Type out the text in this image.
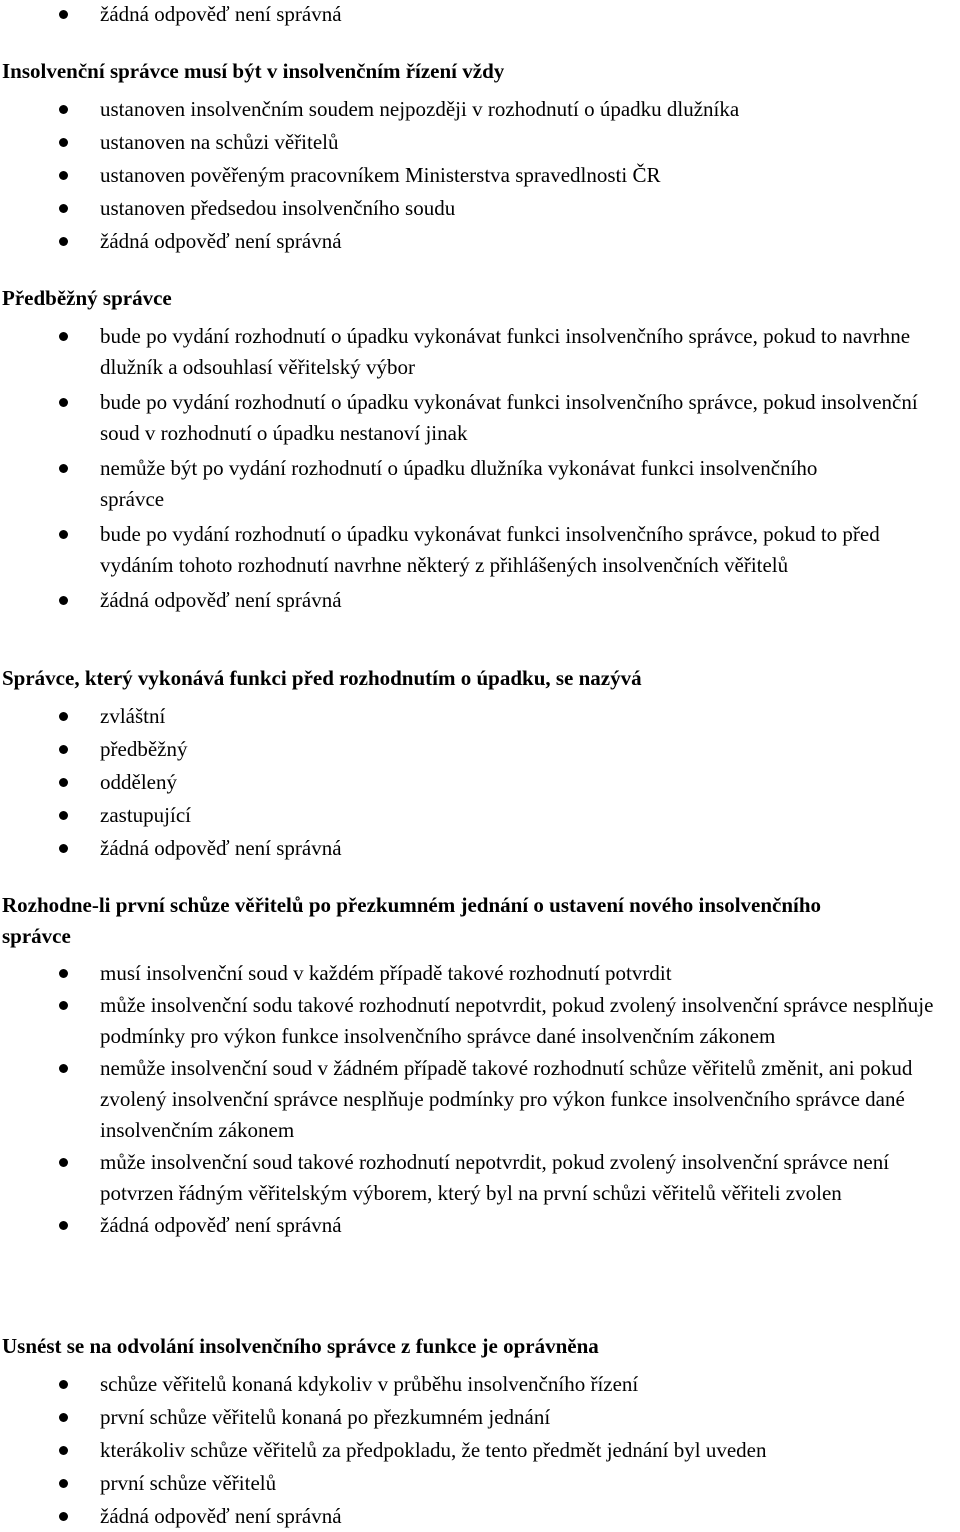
žádná odpověď není správná
Insolvenční správce musí být v insolvenčním řízení vždy
ustanoven insolvenčním soudem nejpozději v rozhodnutí o úpadku dlužníka
ustanoven na schůzi věřitelů
ustanoven pověřeným pracovníkem Ministerstva spravedlnosti ČR
ustanoven předsedou insolvenčního soudu
žádná odpověď není správná
Předběžný správce
bude po vydání rozhodnutí o úpadku vykonávat funkci insolvenčního správce, pokud to navrhne dlužník a odsouhlasí věřitelský výbor
bude po vydání rozhodnutí o úpadku vykonávat funkci insolvenčního správce, pokud insolvenční soud v rozhodnutí o úpadku nestanoví jinak
nemůže být po vydání rozhodnutí o úpadku dlužníka vykonávat funkci insolvenčního správce
bude po vydání rozhodnutí o úpadku vykonávat funkci insolvenčního správce, pokud to před vydáním tohoto rozhodnutí navrhne některý z přihlášených insolvenčních věřitelů
žádná odpověď není správná
Správce, který vykonává funkci před rozhodnutím o úpadku, se nazývá
zvláštní
předběžný
oddělený
zastupující
žádná odpověď není správná
Rozhodne-li první schůze věřitelů po přezkumném jednání o ustavení nového insolvenčního správce
musí insolvenční soud v každém případě takové rozhodnutí potvrdit
může insolvenční sodu takové rozhodnutí nepotvrdit, pokud zvolený insolvenční správce nesplňuje podmínky pro výkon funkce insolvenčního správce dané insolvenčním zákonem
nemůže insolvenční soud v žádném případě takové rozhodnutí schůze věřitelů změnit, ani pokud zvolený insolvenční správce nesplňuje podmínky pro výkon funkce insolvenčního správce dané insolvenčním zákonem
může insolvenční soud takové rozhodnutí nepotvrdit, pokud zvolený insolvenční správce není potvrzen řádným věřitelským výborem, který byl na první schůzi věřitelů věřiteli zvolen
žádná odpověď není správná
Usnést se na odvolání insolvenčního správce z funkce je oprávněna
schůze věřitelů konaná kdykoliv v průběhu insolvenčního řízení
první schůze věřitelů konaná po přezkumném jednání
kterákoliv schůze věřitelů za předpokladu, že tento předmět jednání byl uveden
první schůze věřitelů
žádná odpověď není správná
